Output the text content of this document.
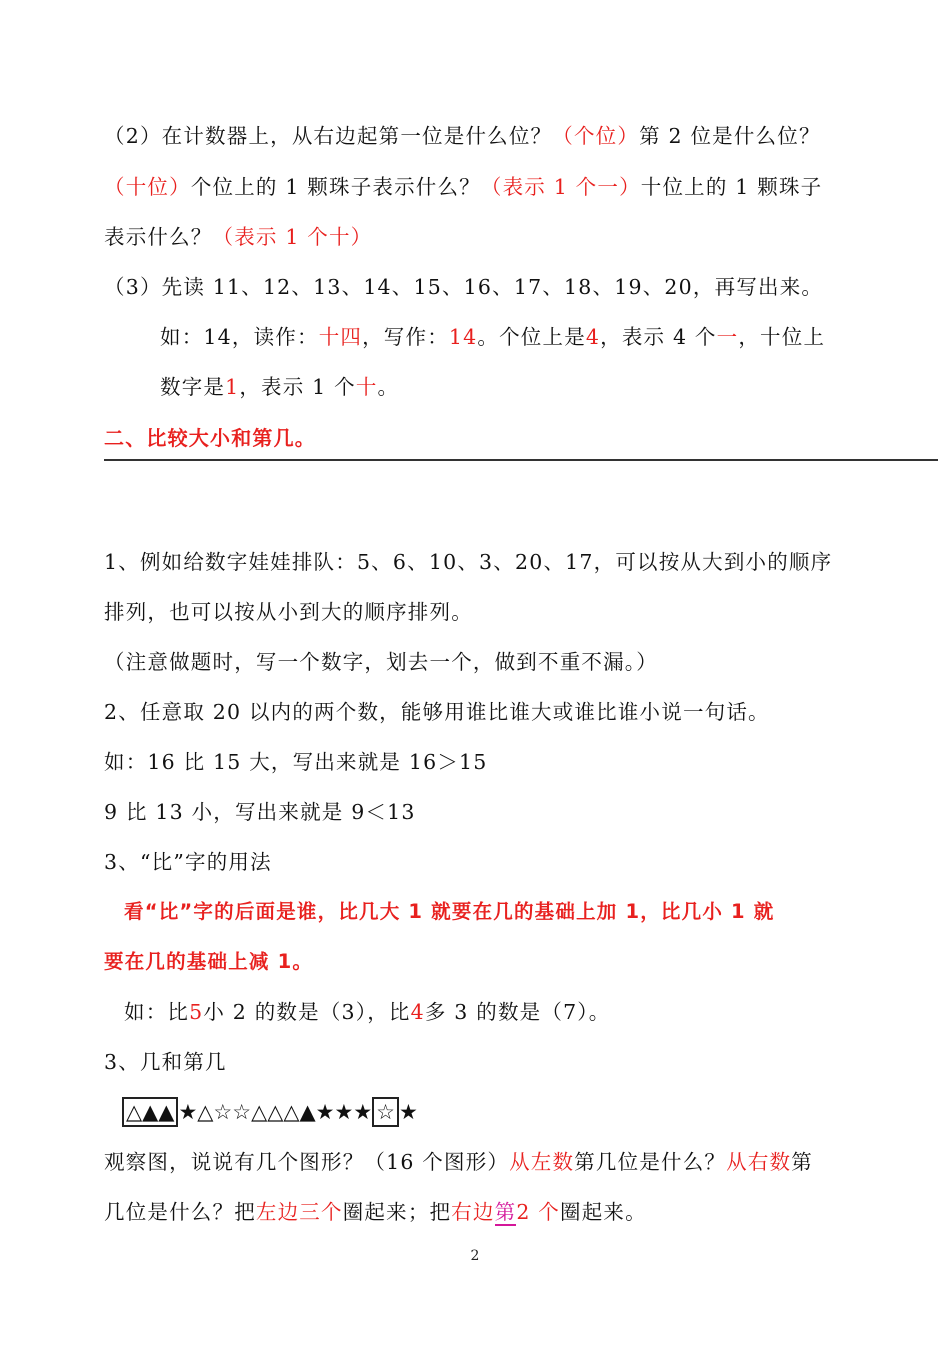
（2）在计数器上，从右边起第一位是什么位？（个位）第 2 位是什么位？
（十位）个位上的 1 颗珠子表示什么？（表示 1 个一）十位上的 1 颗珠子
表示什么？（表示 1 个十）
（3）先读 11、12、13、14、15、16、17、18、19、20，再写出来。
如：14，读作：十四，写作：14。个位上是4，表示 4 个一，十位上
数字是1，表示 1 个十。
二、比较大小和第几。
1、例如给数字娃娃排队：5、6、10、3、20、17，可以按从大到小的顺序
排列，也可以按从小到大的顺序排列。
（注意做题时，写一个数字，划去一个，做到不重不漏。）
2、任意取 20 以内的两个数，能够用谁比谁大或谁比谁小说一句话。
如：16 比 15 大，写出来就是 16＞15
9 比 13 小，写出来就是 9＜13
3、“比”字的用法
看“比”字的后面是谁，比几大 1 就要在几的基础上加 1，比几小 1 就
要在几的基础上减 1。
如：比5小 2 的数是（3），比4多 3 的数是（7）。
3、几和第几
△▲▲ ★△☆☆△△△▲★★★ ☆ ★
观察图，说说有几个图形？（16 个图形）从左数第几位是什么？从右数第
几位是什么？把左边三个圈起来；把右边第2 个圈起来。
2
